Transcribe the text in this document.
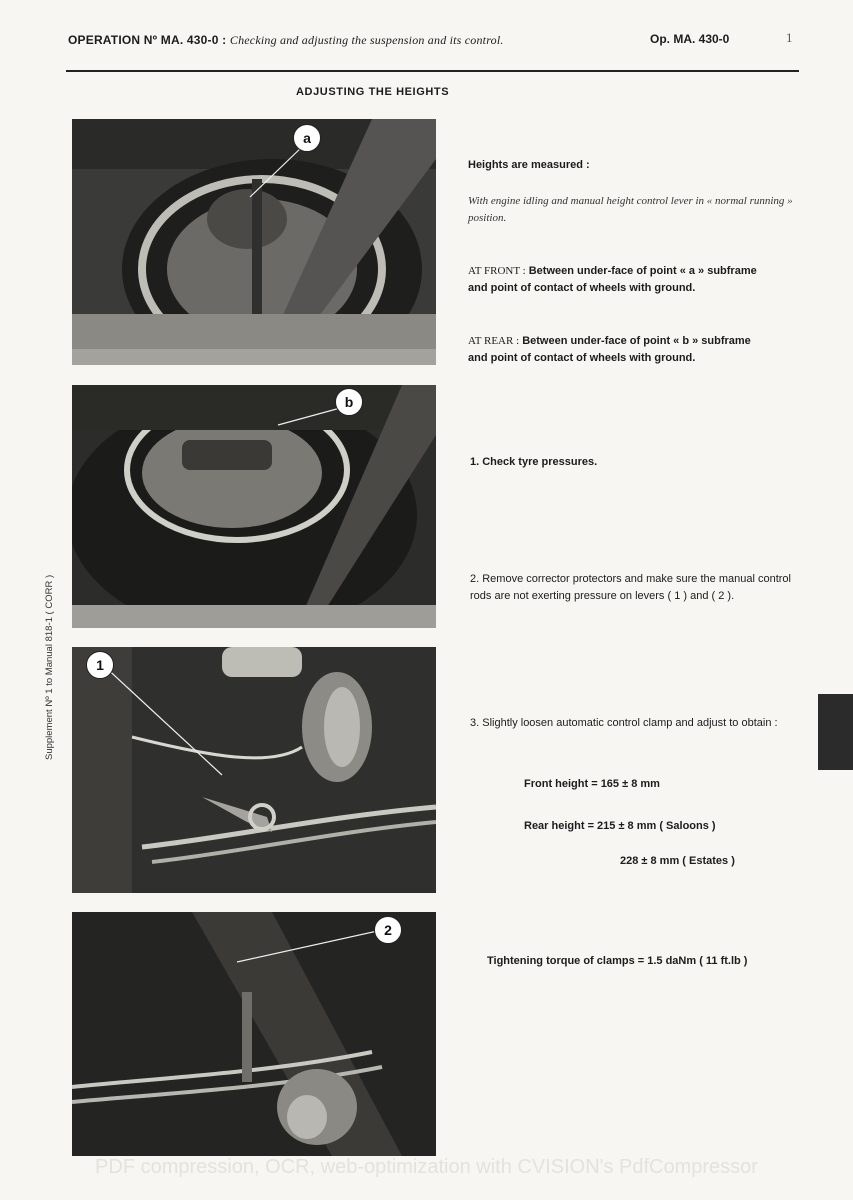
OPERATION Nº MA. 430-0 : Checking and adjusting the suspension and its control.	Op. MA. 430-0	1
ADJUSTING THE HEIGHTS
Supplement Nº 1 to Manual 818-1 ( CORR )
a
b
1
2
Heights are measured :
With engine idling and manual height control lever in « normal running » position.
AT FRONT : Between under-face of point « a » subframe and point of contact of wheels with ground.
AT REAR : Between under-face of point « b » subframe and point of contact of wheels with ground.
1. Check tyre pressures.
2. Remove corrector protectors and make sure the manual control rods are not exerting pressure on levers ( 1 ) and ( 2 ).
3. Slightly loosen automatic control clamp and adjust to obtain :
Front height = 165 ± 8 mm
Rear height = 215 ± 8 mm ( Saloons )
228 ± 8 mm ( Estates )
Tightening torque of clamps = 1.5 daNm ( 11 ft.lb )
PDF compression, OCR, web-optimization with CVISION's PdfCompressor
